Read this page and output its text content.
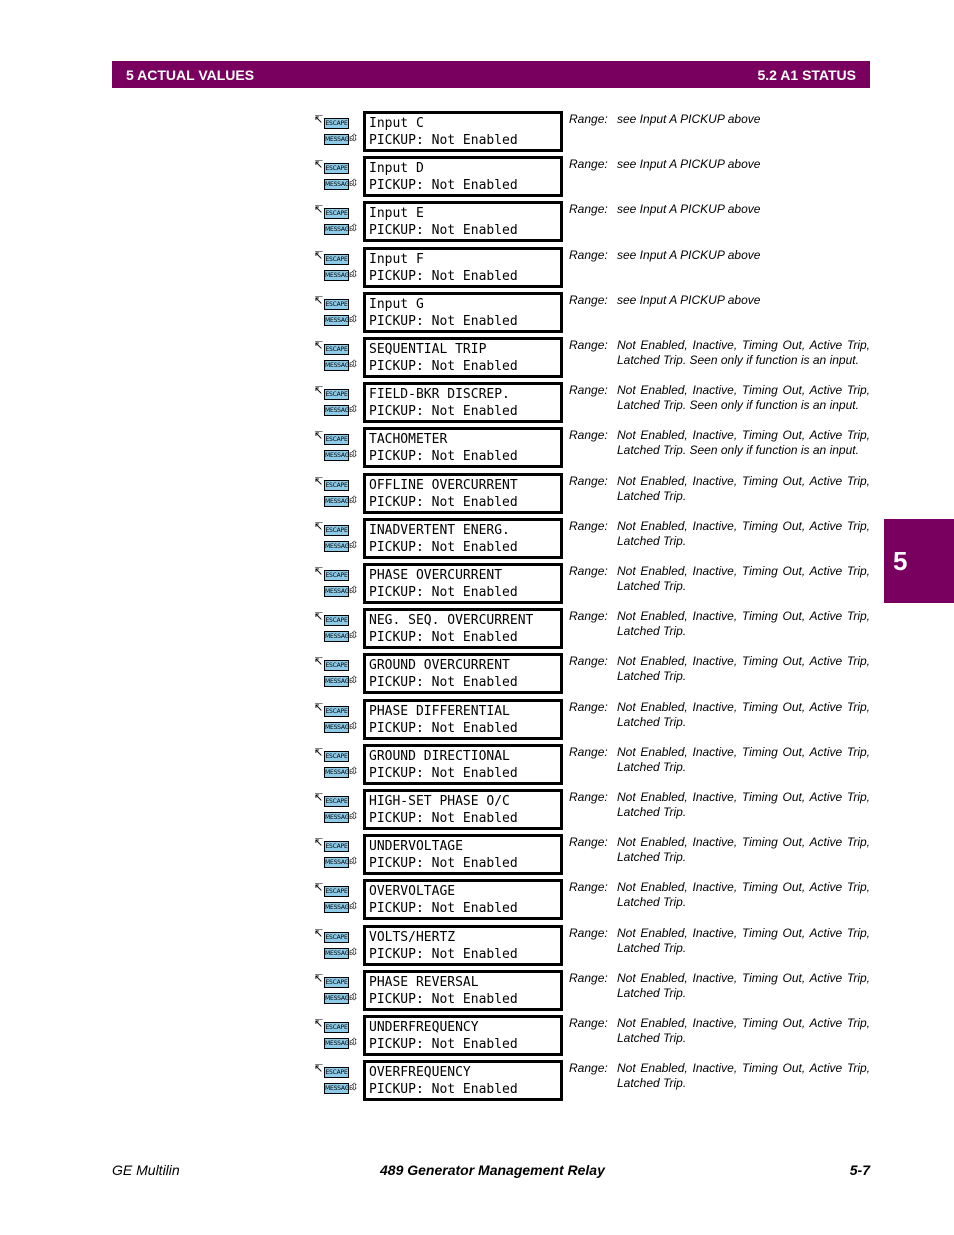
5 ACTUAL VALUES	5.2 A1 STATUS
5
↸ ESCAPE
MESSAGE
⇳
Input C
PICKUP: Not Enabled
Range: see Input A PICKUP above
↸ ESCAPE
MESSAGE
⇳
Input D
PICKUP: Not Enabled
Range: see Input A PICKUP above
↸ ESCAPE
MESSAGE
⇳
Input E
PICKUP: Not Enabled
Range: see Input A PICKUP above
↸ ESCAPE
MESSAGE
⇳
Input F
PICKUP: Not Enabled
Range: see Input A PICKUP above
↸ ESCAPE
MESSAGE
⇳
Input G
PICKUP: Not Enabled
Range: see Input A PICKUP above
↸ ESCAPE
MESSAGE
⇳
SEQUENTIAL TRIP
PICKUP: Not Enabled
Range: Not Enabled, Inactive, Timing Out, Active Trip, Latched Trip. Seen only if function is an input.
↸ ESCAPE
MESSAGE
⇳
FIELD-BKR DISCREP.
PICKUP: Not Enabled
Range: Not Enabled, Inactive, Timing Out, Active Trip, Latched Trip. Seen only if function is an input.
↸ ESCAPE
MESSAGE
⇳
TACHOMETER
PICKUP: Not Enabled
Range: Not Enabled, Inactive, Timing Out, Active Trip, Latched Trip. Seen only if function is an input.
↸ ESCAPE
MESSAGE
⇳
OFFLINE OVERCURRENT
PICKUP: Not Enabled
Range: Not Enabled, Inactive, Timing Out, Active Trip, Latched Trip.
↸ ESCAPE
MESSAGE
⇳
INADVERTENT ENERG.
PICKUP: Not Enabled
Range: Not Enabled, Inactive, Timing Out, Active Trip, Latched Trip.
↸ ESCAPE
MESSAGE
⇳
PHASE OVERCURRENT
PICKUP: Not Enabled
Range: Not Enabled, Inactive, Timing Out, Active Trip, Latched Trip.
↸ ESCAPE
MESSAGE
⇳
NEG. SEQ. OVERCURRENT
PICKUP: Not Enabled
Range: Not Enabled, Inactive, Timing Out, Active Trip, Latched Trip.
↸ ESCAPE
MESSAGE
⇳
GROUND OVERCURRENT
PICKUP: Not Enabled
Range: Not Enabled, Inactive, Timing Out, Active Trip, Latched Trip.
↸ ESCAPE
MESSAGE
⇳
PHASE DIFFERENTIAL
PICKUP: Not Enabled
Range: Not Enabled, Inactive, Timing Out, Active Trip, Latched Trip.
↸ ESCAPE
MESSAGE
⇳
GROUND DIRECTIONAL
PICKUP: Not Enabled
Range: Not Enabled, Inactive, Timing Out, Active Trip, Latched Trip.
↸ ESCAPE
MESSAGE
⇳
HIGH-SET PHASE O/C
PICKUP: Not Enabled
Range: Not Enabled, Inactive, Timing Out, Active Trip, Latched Trip.
↸ ESCAPE
MESSAGE
⇳
UNDERVOLTAGE
PICKUP: Not Enabled
Range: Not Enabled, Inactive, Timing Out, Active Trip, Latched Trip.
↸ ESCAPE
MESSAGE
⇳
OVERVOLTAGE
PICKUP: Not Enabled
Range: Not Enabled, Inactive, Timing Out, Active Trip, Latched Trip.
↸ ESCAPE
MESSAGE
⇳
VOLTS/HERTZ
PICKUP: Not Enabled
Range: Not Enabled, Inactive, Timing Out, Active Trip, Latched Trip.
↸ ESCAPE
MESSAGE
⇳
PHASE REVERSAL
PICKUP: Not Enabled
Range: Not Enabled, Inactive, Timing Out, Active Trip, Latched Trip.
↸ ESCAPE
MESSAGE
⇳
UNDERFREQUENCY
PICKUP: Not Enabled
Range: Not Enabled, Inactive, Timing Out, Active Trip, Latched Trip.
↸ ESCAPE
MESSAGE
⇳
OVERFREQUENCY
PICKUP: Not Enabled
Range: Not Enabled, Inactive, Timing Out, Active Trip, Latched Trip.
GE Multilin	489 Generator Management Relay	5-7
